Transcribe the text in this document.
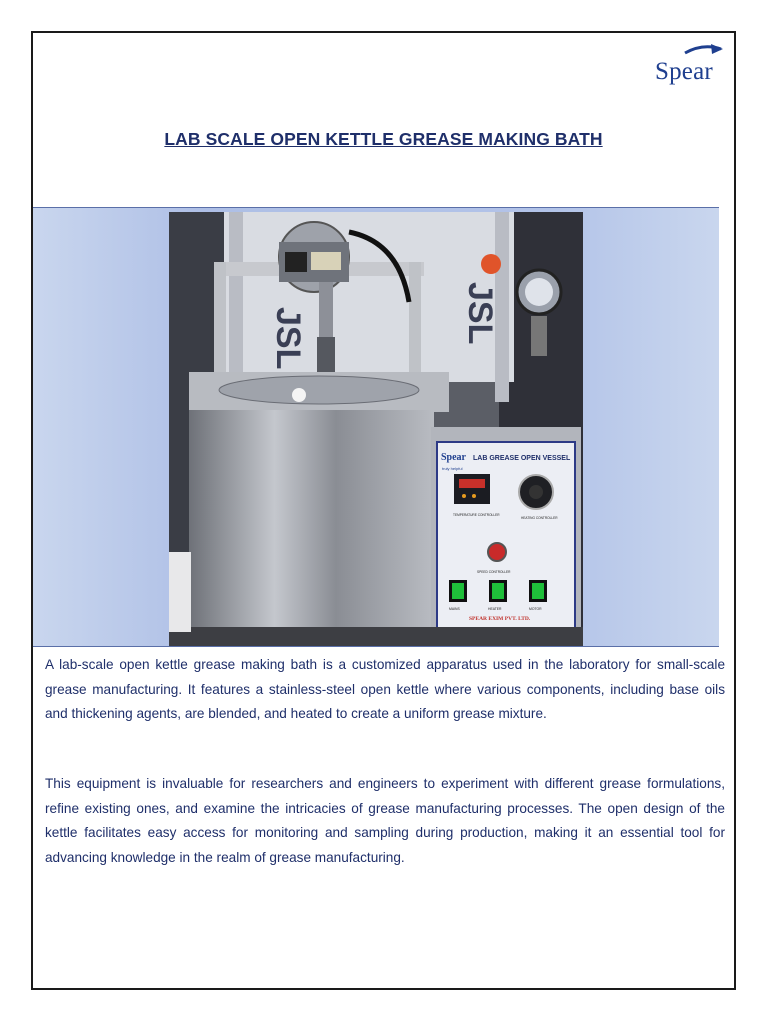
Spear
LAB SCALE OPEN KETTLE GREASE MAKING BATH
JSL	JSL
Spear
truly helpful
LAB GREASE OPEN VESSEL
TEMPERATURE CONTROLLER
HEATING CONTROLLER
SPEED CONTROLLER
MAINS	HEATER	MOTOR
SPEAR EXIM PVT. LTD.

A lab-scale open kettle grease making bath is a customized apparatus used in the laboratory for small-scale grease manufacturing. It features a stainless-steel open kettle where various components, including base oils and thickening agents, are blended, and heated to create a uniform grease mixture.

This equipment is invaluable for researchers and engineers to experiment with different grease formulations, refine existing ones, and examine the intricacies of grease manufacturing processes. The open design of the kettle facilitates easy access for monitoring and sampling during production, making it an essential tool for advancing knowledge in the realm of grease manufacturing.
